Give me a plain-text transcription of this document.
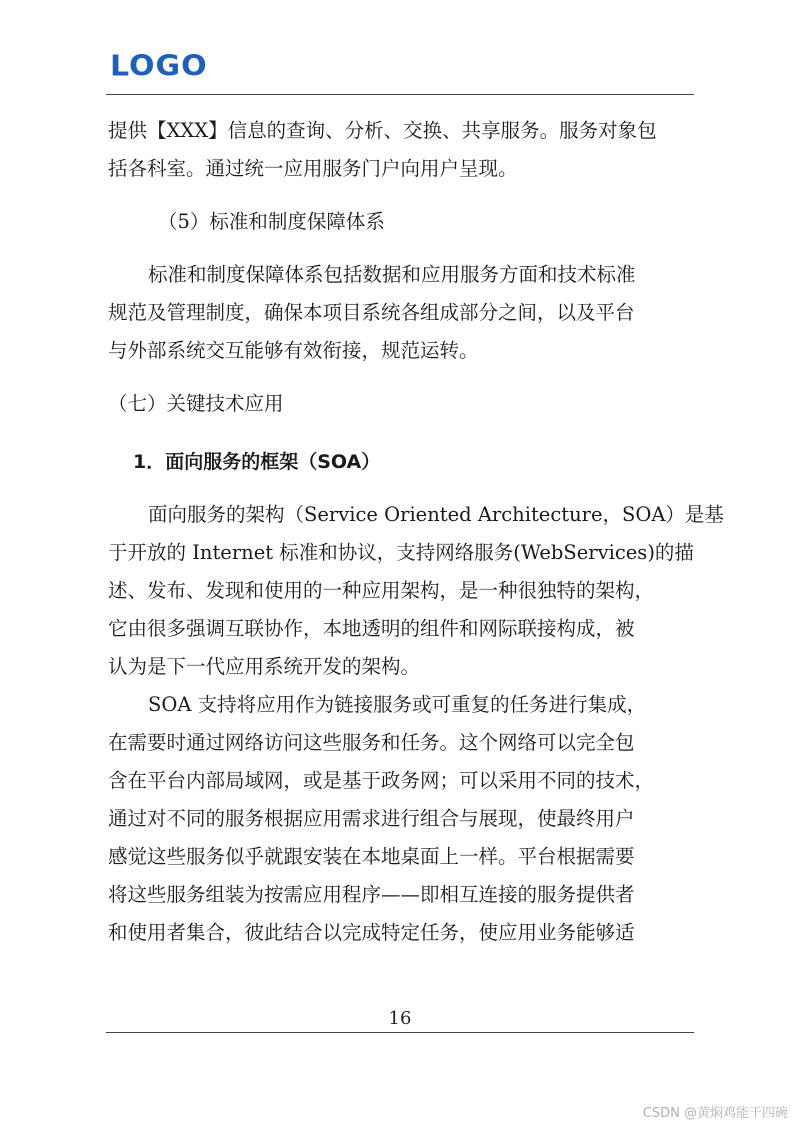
LOGO
提供【XXX】信息的查询、分析、交换、共享服务。服务对象包
括各科室。通过统一应用服务门户向用户呈现。
（5）标准和制度保障体系
标准和制度保障体系包括数据和应用服务方面和技术标准
规范及管理制度，确保本项目系统各组成部分之间，以及平台
与外部系统交互能够有效衔接，规范运转。
（七）关键技术应用
1．面向服务的框架（SOA）
面向服务的架构（Service Oriented Architecture，SOA）是基
于开放的 Internet 标准和协议，支持网络服务(WebServices)的描
述、发布、发现和使用的一种应用架构，是一种很独特的架构，
它由很多强调互联协作，本地透明的组件和网际联接构成，被
认为是下一代应用系统开发的架构。
SOA 支持将应用作为链接服务或可重复的任务进行集成，
在需要时通过网络访问这些服务和任务。这个网络可以完全包
含在平台内部局域网，或是基于政务网；可以采用不同的技术，
通过对不同的服务根据应用需求进行组合与展现，使最终用户
感觉这些服务似乎就跟安装在本地桌面上一样。平台根据需要
将这些服务组装为按需应用程序——即相互连接的服务提供者
和使用者集合，彼此结合以完成特定任务，使应用业务能够适
16
CSDN @黄焖鸡能干四碗
